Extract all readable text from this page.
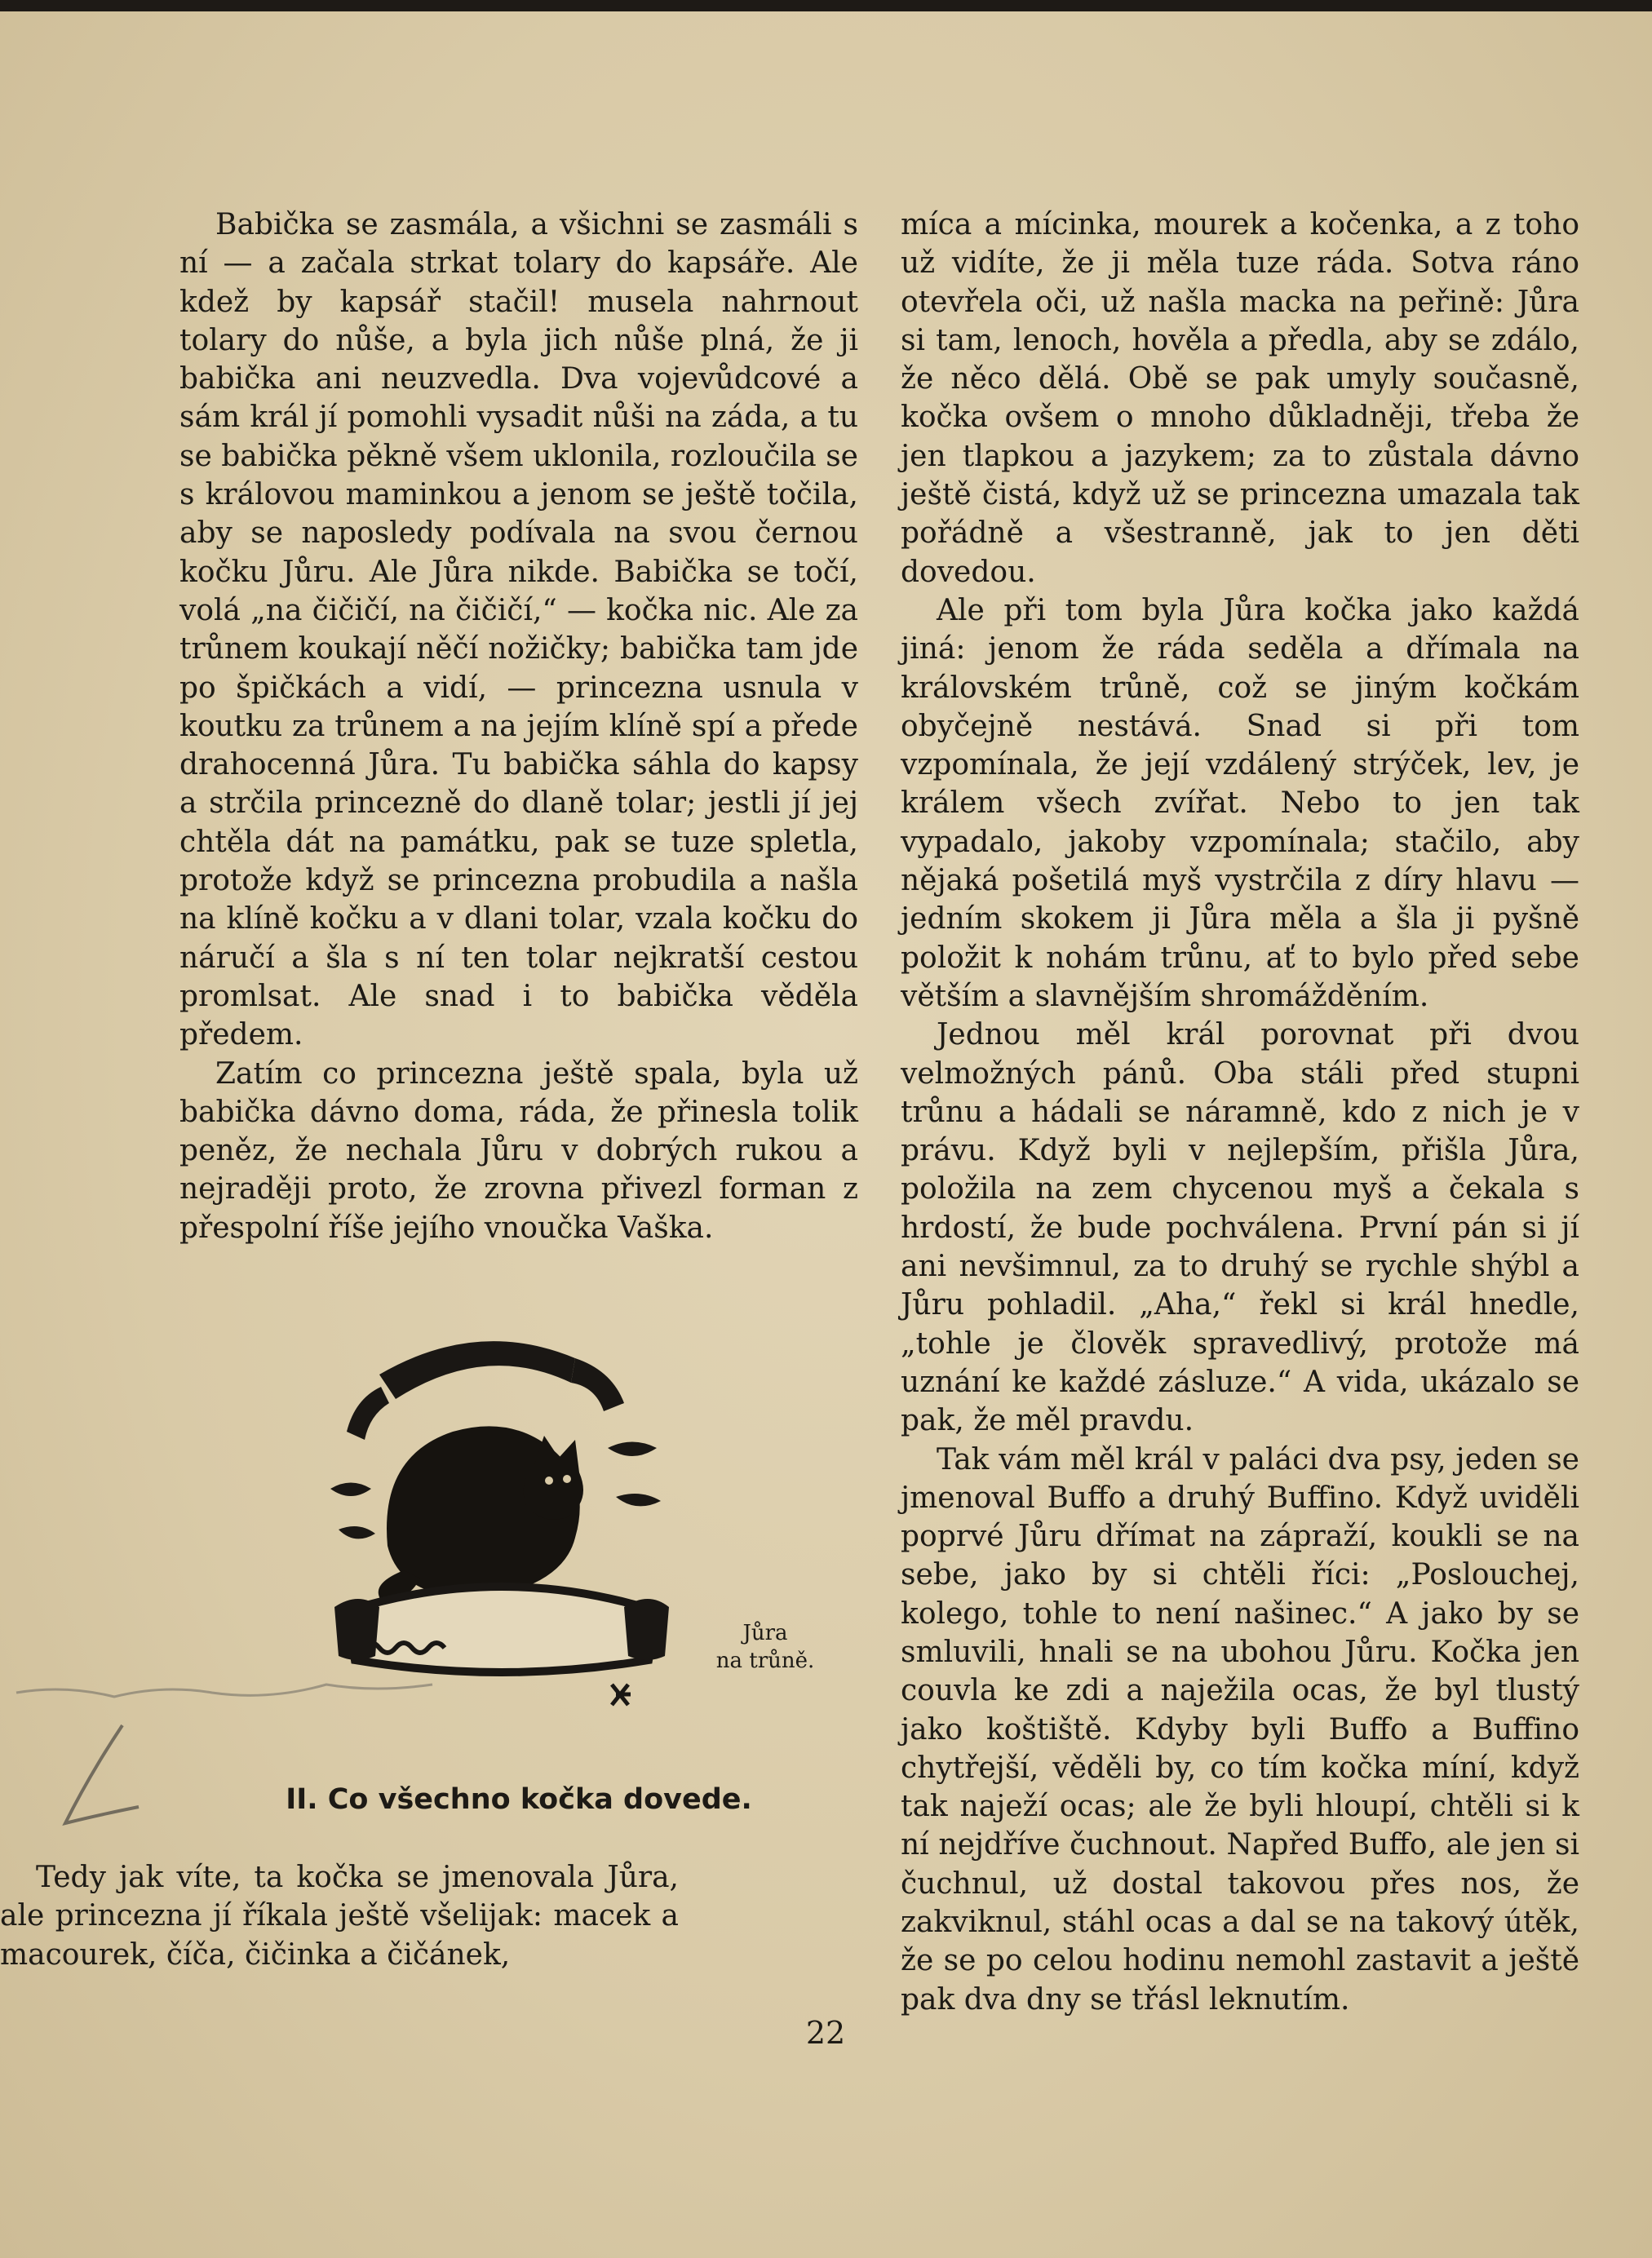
Babička se zasmála, a všichni se zasmáli s ní — a začala strkat tolary do kapsáře. Ale kdež by kapsář stačil! musela nahrnout tolary do nůše, a byla jich nůše plná, že ji babička ani neuzvedla. Dva vojevůdcové a sám král jí pomohli vysadit nůši na záda, a tu se babička pěkně všem uklonila, rozloučila se s královou maminkou a jenom se ještě točila, aby se naposledy podívala na svou černou kočku Jůru. Ale Jůra nikde. Babička se točí, volá „na čičičí, na čičičí,“ — kočka nic. Ale za trůnem koukají něčí nožičky; babička tam jde po špičkách a vidí, — princezna usnula v koutku za trůnem a na jejím klíně spí a přede drahocenná Jůra. Tu babička sáhla do kapsy a strčila princezně do dlaně tolar; jestli jí jej chtěla dát na památku, pak se tuze spletla, protože když se princezna probudila a našla na klíně kočku a v dlani tolar, vzala kočku do náručí a šla s ní ten tolar nejkratší cestou promlsat. Ale snad i to babička věděla předem.

Zatím co princezna ještě spala, byla už babička dávno doma, ráda, že přinesla tolik peněz, že nechala Jůru v dobrých rukou a nejraději proto, že zrovna přivezl forman z přespolní říše jejího vnoučka Vaška.

Jůra
na trůně.
II. Co všechno kočka dovede.

Tedy jak víte, ta kočka se jmenovala Jůra, ale princezna jí říkala ještě všelijak: macek a macourek, číča, čičinka a čičánek,

míca a mícinka, mourek a kočenka, a z toho už vidíte, že ji měla tuze ráda. Sotva ráno otevřela oči, už našla macka na peřině: Jůra si tam, lenoch, hověla a předla, aby se zdálo, že něco dělá. Obě se pak umyly současně, kočka ovšem o mnoho důkladněji, třeba že jen tlapkou a jazykem; za to zůstala dávno ještě čistá, když už se princezna umazala tak pořádně a všestranně, jak to jen děti dovedou.

Ale při tom byla Jůra kočka jako každá jiná: jenom že ráda seděla a dřímala na královském trůně, což se jiným kočkám obyčejně nestává. Snad si při tom vzpomínala, že její vzdálený strýček, lev, je králem všech zvířat. Nebo to jen tak vypadalo, jakoby vzpomínala; stačilo, aby nějaká pošetilá myš vystrčila z díry hlavu — jedním skokem ji Jůra měla a šla ji pyšně položit k nohám trůnu, ať to bylo před sebe větším a slavnějším shromážděním.

Jednou měl král porovnat při dvou velmožných pánů. Oba stáli před stupni trůnu a hádali se náramně, kdo z nich je v právu. Když byli v nejlepším, přišla Jůra, položila na zem chycenou myš a čekala s hrdostí, že bude pochválena. První pán si jí ani nevšimnul, za to druhý se rychle shýbl a Jůru pohladil. „Aha,“ řekl si král hnedle, „tohle je člověk spravedlivý, protože má uznání ke každé zásluze.“ A vida, ukázalo se pak, že měl pravdu.

Tak vám měl král v paláci dva psy, jeden se jmenoval Buffo a druhý Buffino. Když uviděli poprvé Jůru dřímat na zápraží, koukli se na sebe, jako by si chtěli říci: „Poslouchej, kolego, tohle to není našinec.“ A jako by se smluvili, hnali se na ubohou Jůru. Kočka jen couvla ke zdi a naježila ocas, že byl tlustý jako koštiště. Kdyby byli Buffo a Buffino chytřejší, věděli by, co tím kočka míní, když tak naježí ocas; ale že byli hloupí, chtěli si k ní nejdříve čuchnout. Napřed Buffo, ale jen si čuchnul, už dostal takovou přes nos, že zakviknul, stáhl ocas a dal se na takový útěk, že se po celou hodinu nemohl zastavit a ještě pak dva dny se třásl leknutím.

22
